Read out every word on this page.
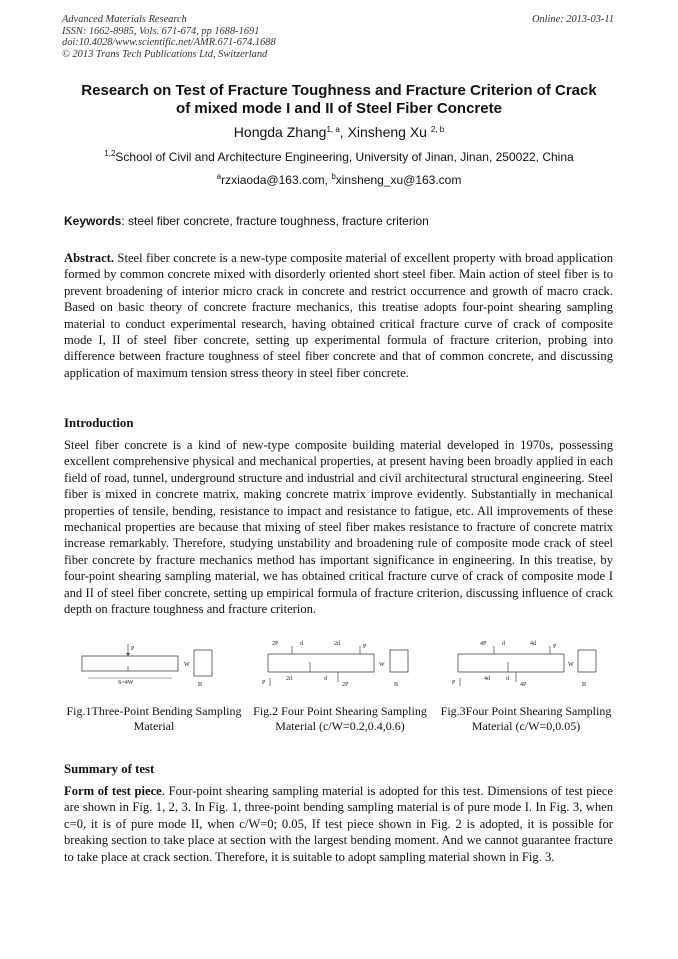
Advanced Materials Research
ISSN: 1662-8985, Vols. 671-674, pp 1688-1691
doi:10.4028/www.scientific.net/AMR.671-674.1688
© 2013 Trans Tech Publications Ltd, Switzerland
Online: 2013-03-11
Research on Test of Fracture Toughness and Fracture Criterion of Crack
of mixed mode I and II of Steel Fiber Concrete
Hongda Zhang$^{1, a}$, Xinsheng Xu $^{2, b}$
$^{1,2}$School of Civil and Architecture Engineering, University of Jinan, Jinan, 250022, China
$^a$rzxiaoda@163.com, $^b$xinsheng_xu@163.com
Keywords: steel fiber concrete, fracture toughness, fracture criterion
Abstract. Steel fiber concrete is a new-type composite material of excellent property with broad application formed by common concrete mixed with disorderly oriented short steel fiber. Main action of steel fiber is to prevent broadening of interior micro crack in concrete and restrict occurrence and growth of macro crack. Based on basic theory of concrete fracture mechanics, this treatise adopts four-point shearing sampling material to conduct experimental research, having obtained critical fracture curve of crack of composite mode I, II of steel fiber concrete, setting up experimental formula of fracture criterion, probing into difference between fracture toughness of steel fiber concrete and that of common concrete, and discussing application of maximum tension stress theory in steel fiber concrete.
Introduction
Steel fiber concrete is a kind of new-type composite building material developed in 1970s, possessing excellent comprehensive physical and mechanical properties, at present having been broadly applied in each field of road, tunnel, underground structure and industrial and civil architectural structural engineering. Steel fiber is mixed in concrete matrix, making concrete matrix improve evidently. Substantially in mechanical properties of tensile, bending, resistance to impact and resistance to fatigue, etc. All improvements of these mechanical properties are because that mixing of steel fiber makes resistance to fracture of concrete matrix increase remarkably. Therefore, studying unstability and broadening rule of composite mode crack of steel fiber concrete by fracture mechanics method has important significance in engineering. In this treatise, by four-point shearing sampling material, we has obtained critical fracture curve of crack of composite mode I and II of steel fiber concrete, setting up empirical formula of fracture criterion, discussing influence of crack depth on fracture toughness and fracture criterion.
P
S=4W
W
B
2P	d	2d	P
P
2d	d
2P
W
B
4P	d	4d	P
P
4d	d
4P
W
B
Fig.1Three-Point Bending Sampling Material
Fig.2 Four Point Shearing Sampling Material (c/W=0.2,0.4,0.6)
Fig.3Four Point Shearing Sampling Material (c/W=0,0.05)
Summary of test
Form of test piece. Four-point shearing sampling material is adopted for this test. Dimensions of test piece are shown in Fig. 1, 2, 3. In Fig. 1, three-point bending sampling material is of pure mode I. In Fig. 3, when c=0, it is of pure mode II, when c/W=0; 0.05, If test piece shown in Fig. 2 is adopted, it is possible for breaking section to take place at section with the largest bending moment. And we cannot guarantee fracture to take place at crack section. Therefore, it is suitable to adopt sampling material shown in Fig. 3.
